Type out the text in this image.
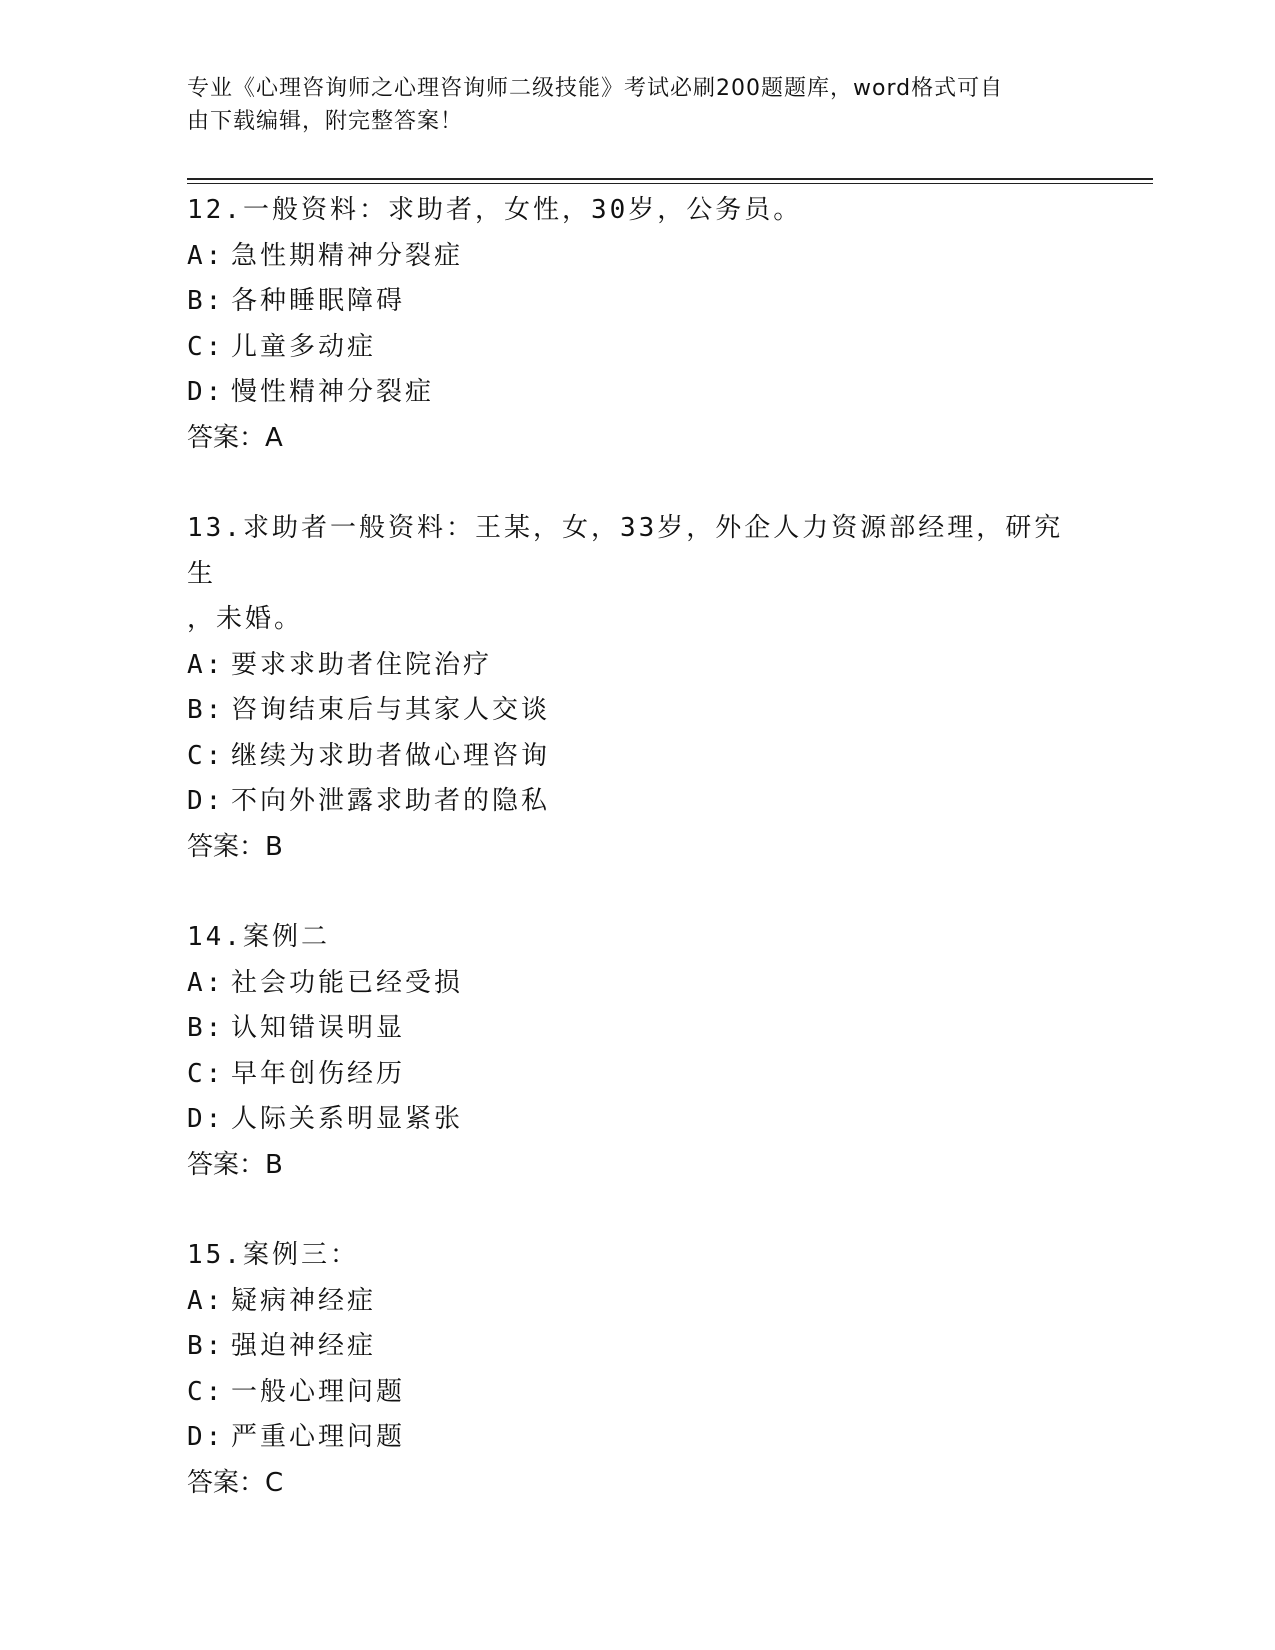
专业《心理咨询师之心理咨询师二级技能》考试必刷200题题库，word格式可自
由下载编辑，附完整答案！

12.一般资料：求助者，女性，30岁，公务员。

A: 急性期精神分裂症

B: 各种睡眠障碍

C: 儿童多动症

D: 慢性精神分裂症

答案：A

13.求助者一般资料：王某，女，33岁，外企人力资源部经理，研究生

，未婚。

A: 要求求助者住院治疗

B: 咨询结束后与其家人交谈

C: 继续为求助者做心理咨询

D: 不向外泄露求助者的隐私

答案：B

14.案例二

A: 社会功能已经受损

B: 认知错误明显

C: 早年创伤经历

D: 人际关系明显紧张

答案：B

15.案例三：

A: 疑病神经症

B: 强迫神经症

C: 一般心理问题

D: 严重心理问题

答案：C
